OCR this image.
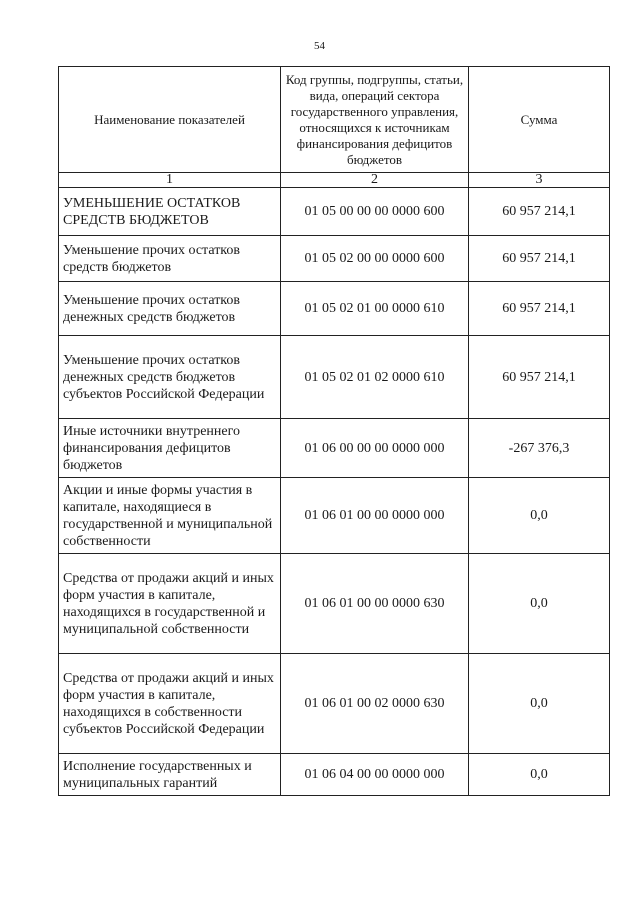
54
Наименование показателей	Код группы, подгруппы, статьи, вида, операций сектора государственного управления, относящихся к источникам финансирования дефицитов бюджетов	Сумма
1	2	3
УМЕНЬШЕНИЕ ОСТАТКОВ СРЕДСТВ БЮДЖЕТОВ	01 05 00 00 00 0000 600	60 957 214,1
Уменьшение прочих остатков средств бюджетов	01 05 02 00 00 0000 600	60 957 214,1
Уменьшение прочих остатков денежных средств бюджетов	01 05 02 01 00 0000 610	60 957 214,1
Уменьшение прочих остатков денежных средств бюджетов субъектов Российской Федерации	01 05 02 01 02 0000 610	60 957 214,1
Иные источники внутреннего финансирования дефицитов бюджетов	01 06 00 00 00 0000 000	-267 376,3
Акции и иные формы участия в капитале, находящиеся в государственной и муниципальной собственности	01 06 01 00 00 0000 000	0,0
Средства от продажи акций и иных форм участия в капитале, находящихся в государственной и муниципальной собственности	01 06 01 00 00 0000 630	0,0
Средства от продажи акций и иных форм участия в капитале, находящихся в собственности субъектов Российской Федерации	01 06 01 00 02 0000 630	0,0
Исполнение государственных и муниципальных гарантий	01 06 04 00 00 0000 000	0,0
